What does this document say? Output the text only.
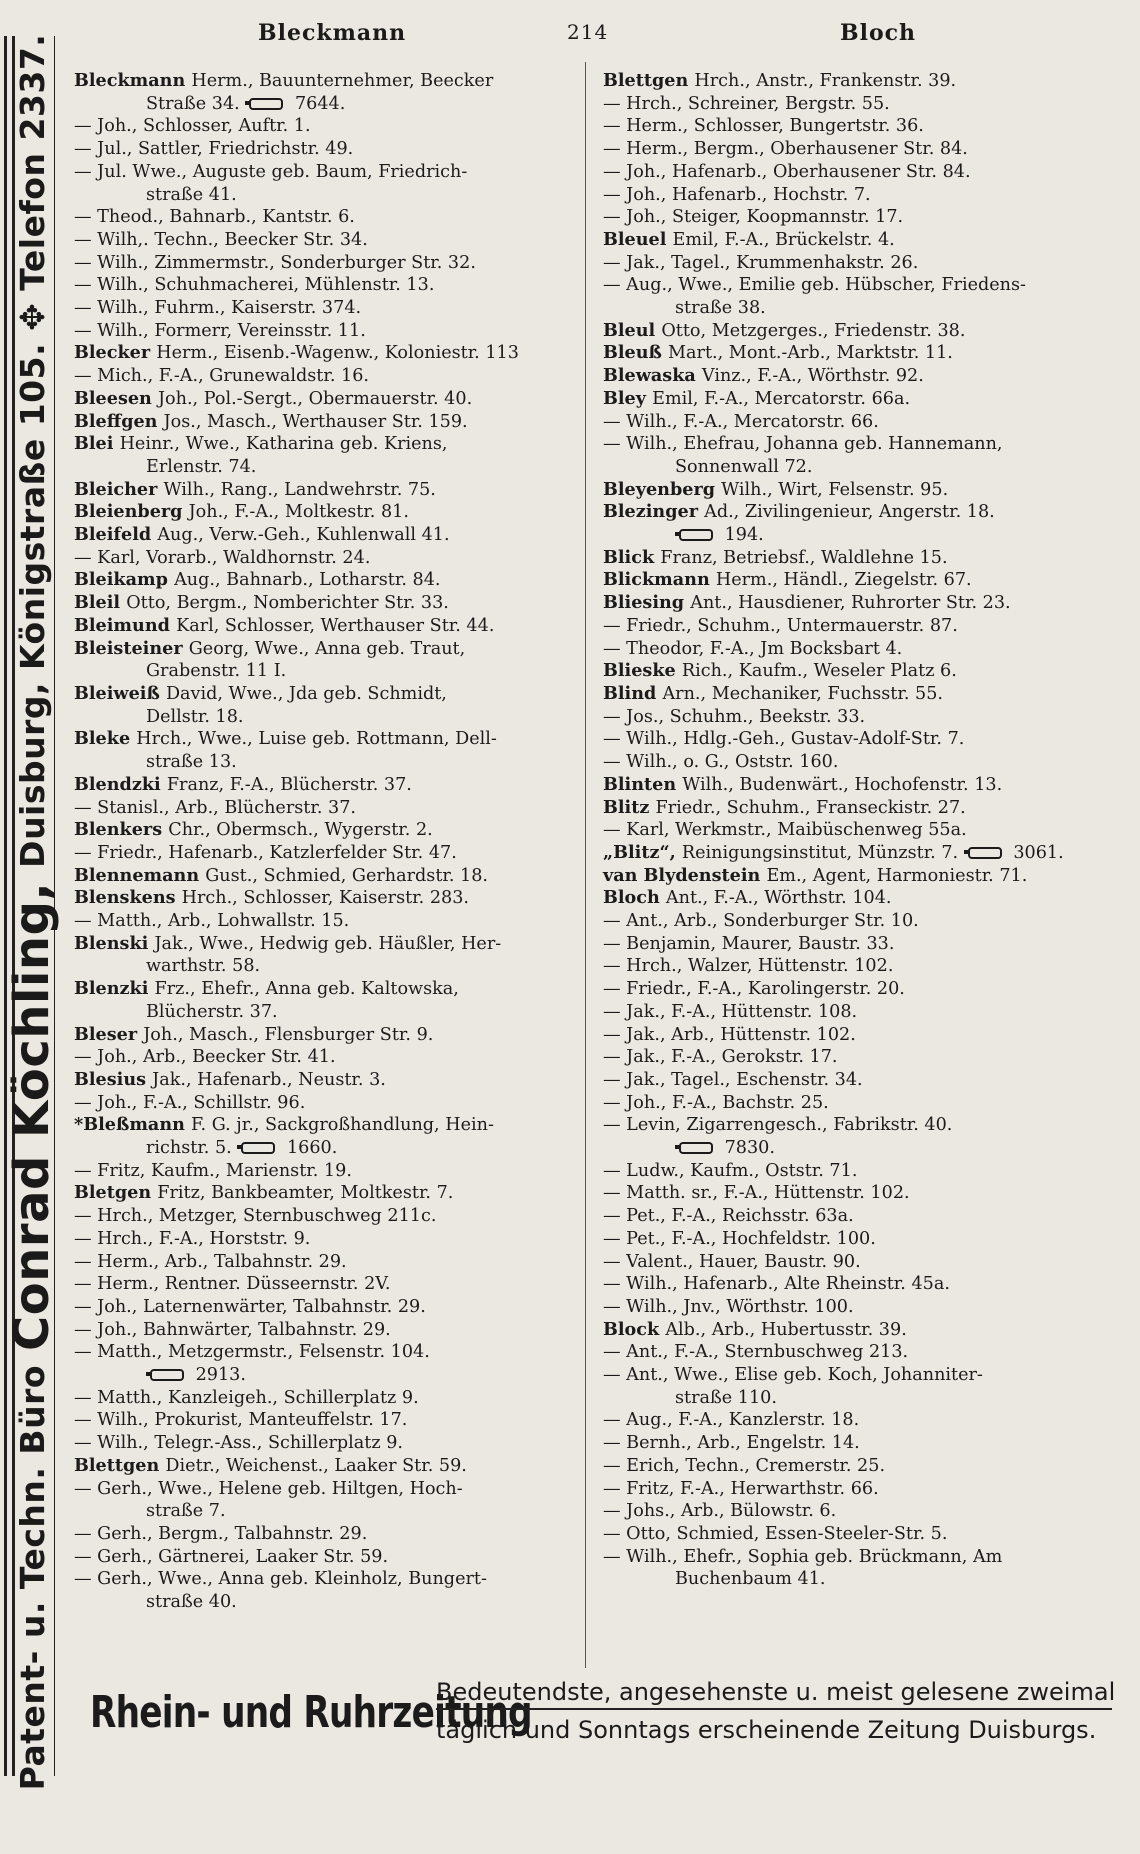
Patent- u. Techn. Büro
Conrad Köchling,
Duisburg, Königstraße 105. ✥ Telefon 2337.
Bleckmann	214	Bloch
Bleckmann Herm., Bauunternehmer, Beecker
Straße 34.	7644.
— Joh., Schlosser, Auftr. 1.
— Jul., Sattler, Friedrichstr. 49.
— Jul. Wwe., Auguste geb. Baum, Friedrich-
straße 41.
— Theod., Bahnarb., Kantstr. 6.
— Wilh,. Techn., Beecker Str. 34.
— Wilh., Zimmermstr., Sonderburger Str. 32.
— Wilh., Schuhmacherei, Mühlenstr. 13.
— Wilh., Fuhrm., Kaiserstr. 374.
— Wilh., Formerr, Vereinsstr. 11.
Blecker Herm., Eisenb.-Wagenw., Koloniestr. 113
— Mich., F.-A., Grunewaldstr. 16.
Bleesen Joh., Pol.-Sergt., Obermauerstr. 40.
Bleffgen Jos., Masch., Werthauser Str. 159.
Blei Heinr., Wwe., Katharina geb. Kriens,
Erlenstr. 74.
Bleicher Wilh., Rang., Landwehrstr. 75.
Bleienberg Joh., F.-A., Moltkestr. 81.
Bleifeld Aug., Verw.-Geh., Kuhlenwall 41.
— Karl, Vorarb., Waldhornstr. 24.
Bleikamp Aug., Bahnarb., Lotharstr. 84.
Bleil Otto, Bergm., Nomberichter Str. 33.
Bleimund Karl, Schlosser, Werthauser Str. 44.
Bleisteiner Georg, Wwe., Anna geb. Traut,
Grabenstr. 11 I.
Bleiweiß David, Wwe., Jda geb. Schmidt,
Dellstr. 18.
Bleke Hrch., Wwe., Luise geb. Rottmann, Dell-
straße 13.
Blendzki Franz, F.-A., Blücherstr. 37.
— Stanisl., Arb., Blücherstr. 37.
Blenkers Chr., Obermsch., Wygerstr. 2.
— Friedr., Hafenarb., Katzlerfelder Str. 47.
Blennemann Gust., Schmied, Gerhardstr. 18.
Blenskens Hrch., Schlosser, Kaiserstr. 283.
— Matth., Arb., Lohwallstr. 15.
Blenski Jak., Wwe., Hedwig geb. Häußler, Her-
warthstr. 58.
Blenzki Frz., Ehefr., Anna geb. Kaltowska,
Blücherstr. 37.
Bleser Joh., Masch., Flensburger Str. 9.
— Joh., Arb., Beecker Str. 41.
Blesius Jak., Hafenarb., Neustr. 3.
— Joh., F.-A., Schillstr. 96.
*Bleßmann F. G. jr., Sackgroßhandlung, Hein-
richstr. 5.	1660.
— Fritz, Kaufm., Marienstr. 19.
Bletgen Fritz, Bankbeamter, Moltkestr. 7.
— Hrch., Metzger, Sternbuschweg 211c.
— Hrch., F.-A., Horststr. 9.
— Herm., Arb., Talbahnstr. 29.
— Herm., Rentner. Düsseernstr. 2V.
— Joh., Laternenwärter, Talbahnstr. 29.
— Joh., Bahnwärter, Talbahnstr. 29.
— Matth., Metzgermstr., Felsenstr. 104.
2913.
— Matth., Kanzleigeh., Schillerplatz 9.
— Wilh., Prokurist, Manteuffelstr. 17.
— Wilh., Telegr.-Ass., Schillerplatz 9.
Blettgen Dietr., Weichenst., Laaker Str. 59.
— Gerh., Wwe., Helene geb. Hiltgen, Hoch-
straße 7.
— Gerh., Bergm., Talbahnstr. 29.
— Gerh., Gärtnerei, Laaker Str. 59.
— Gerh., Wwe., Anna geb. Kleinholz, Bungert-
straße 40.
Blettgen Hrch., Anstr., Frankenstr. 39.
— Hrch., Schreiner, Bergstr. 55.
— Herm., Schlosser, Bungertstr. 36.
— Herm., Bergm., Oberhausener Str. 84.
— Joh., Hafenarb., Oberhausener Str. 84.
— Joh., Hafenarb., Hochstr. 7.
— Joh., Steiger, Koopmannstr. 17.
Bleuel Emil, F.-A., Brückelstr. 4.
— Jak., Tagel., Krummenhakstr. 26.
— Aug., Wwe., Emilie geb. Hübscher, Friedens-
straße 38.
Bleul Otto, Metzgerges., Friedenstr. 38.
Bleuß Mart., Mont.-Arb., Marktstr. 11.
Blewaska Vinz., F.-A., Wörthstr. 92.
Bley Emil, F.-A., Mercatorstr. 66a.
— Wilh., F.-A., Mercatorstr. 66.
— Wilh., Ehefrau, Johanna geb. Hannemann,
Sonnenwall 72.
Bleyenberg Wilh., Wirt, Felsenstr. 95.
Blezinger Ad., Zivilingenieur, Angerstr. 18.
194.
Blick Franz, Betriebsf., Waldlehne 15.
Blickmann Herm., Händl., Ziegelstr. 67.
Bliesing Ant., Hausdiener, Ruhrorter Str. 23.
— Friedr., Schuhm., Untermauerstr. 87.
— Theodor, F.-A., Jm Bocksbart 4.
Blieske Rich., Kaufm., Weseler Platz 6.
Blind Arn., Mechaniker, Fuchsstr. 55.
— Jos., Schuhm., Beekstr. 33.
— Wilh., Hdlg.-Geh., Gustav-Adolf-Str. 7.
— Wilh., o. G., Oststr. 160.
Blinten Wilh., Budenwärt., Hochofenstr. 13.
Blitz Friedr., Schuhm., Franseckistr. 27.
— Karl, Werkmstr., Maibüschenweg 55a.
„Blitz“, Reinigungsinstitut, Münzstr. 7.	3061.
van Blydenstein Em., Agent, Harmoniestr. 71.
Bloch Ant., F.-A., Wörthstr. 104.
— Ant., Arb., Sonderburger Str. 10.
— Benjamin, Maurer, Baustr. 33.
— Hrch., Walzer, Hüttenstr. 102.
— Friedr., F.-A., Karolingerstr. 20.
— Jak., F.-A., Hüttenstr. 108.
— Jak., Arb., Hüttenstr. 102.
— Jak., F.-A., Gerokstr. 17.
— Jak., Tagel., Eschenstr. 34.
— Joh., F.-A., Bachstr. 25.
— Levin, Zigarrengesch., Fabrikstr. 40.
7830.
— Ludw., Kaufm., Oststr. 71.
— Matth. sr., F.-A., Hüttenstr. 102.
— Pet., F.-A., Reichsstr. 63a.
— Pet., F.-A., Hochfeldstr. 100.
— Valent., Hauer, Baustr. 90.
— Wilh., Hafenarb., Alte Rheinstr. 45a.
— Wilh., Jnv., Wörthstr. 100.
Block Alb., Arb., Hubertusstr. 39.
— Ant., F.-A., Sternbuschweg 213.
— Ant., Wwe., Elise geb. Koch, Johanniter-
straße 110.
— Aug., F.-A., Kanzlerstr. 18.
— Bernh., Arb., Engelstr. 14.
— Erich, Techn., Cremerstr. 25.
— Fritz, F.-A., Herwarthstr. 66.
— Johs., Arb., Bülowstr. 6.
— Otto, Schmied, Essen-Steeler-Str. 5.
— Wilh., Ehefr., Sophia geb. Brückmann, Am
Buchenbaum 41.
Rhein- und Ruhrzeitung
Bedeutendste, angesehenste u. meist gelesene zweimal
täglich und Sonntags erscheinende Zeitung Duisburgs.
